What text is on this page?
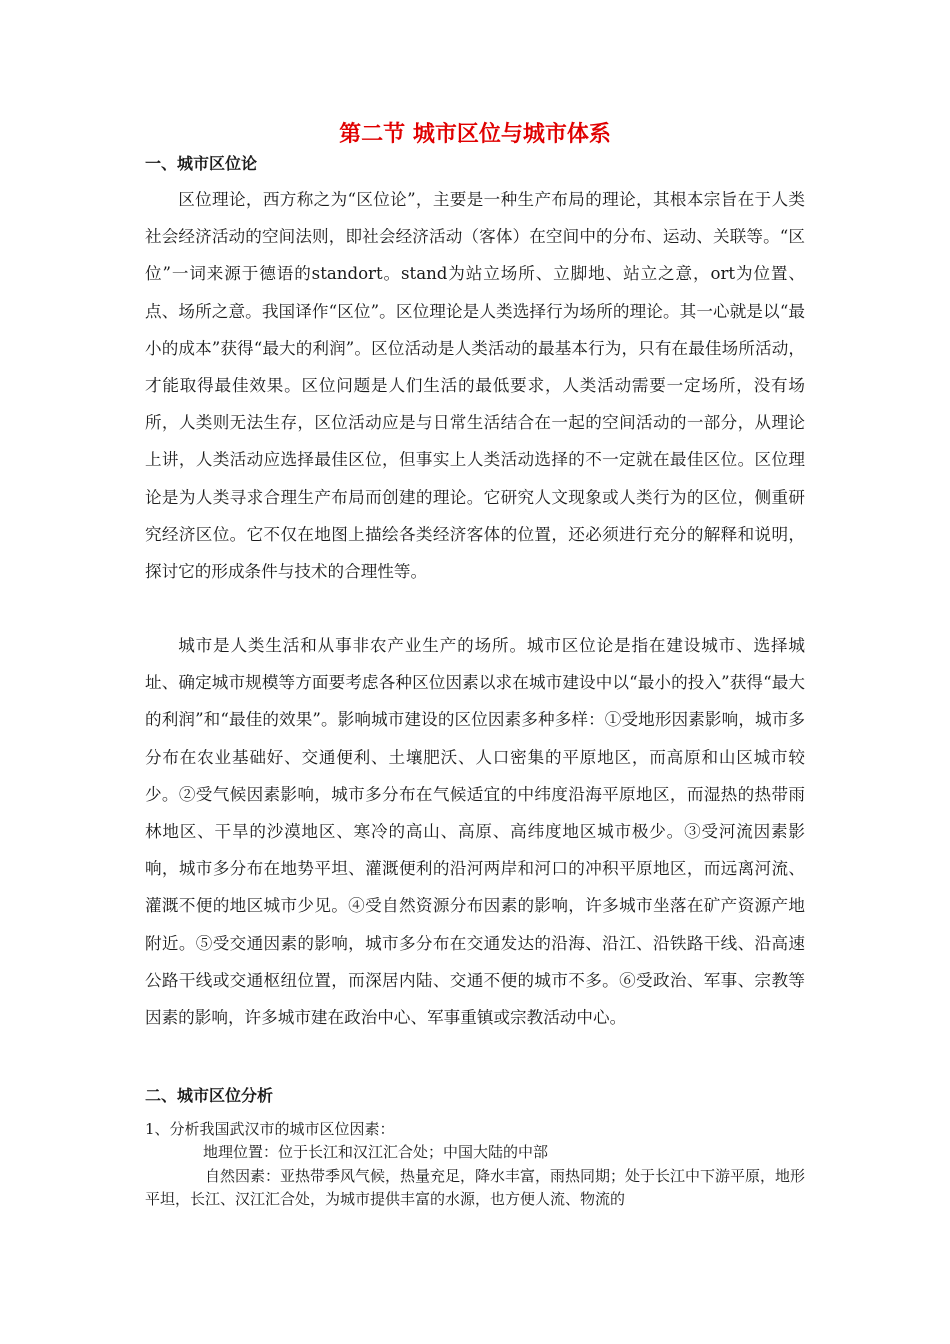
第二节 城市区位与城市体系
一、城市区位论

区位理论，西方称之为“区位论”，主要是一种生产布局的理论，其根本宗旨在于人类社会经济活动的空间法则，即社会经济活动（客体）在空间中的分布、运动、关联等。“区位”一词来源于德语的standort。stand为站立场所、立脚地、站立之意，ort为位置、点、场所之意。我国译作“区位”。区位理论是人类选择行为场所的理论。其一心就是以“最小的成本”获得“最大的利润”。区位活动是人类活动的最基本行为，只有在最佳场所活动，才能取得最佳效果。区位问题是人们生活的最低要求，人类活动需要一定场所，没有场所，人类则无法生存，区位活动应是与日常生活结合在一起的空间活动的一部分，从理论上讲，人类活动应选择最佳区位，但事实上人类活动选择的不一定就在最佳区位。区位理论是为人类寻求合理生产布局而创建的理论。它研究人文现象或人类行为的区位，侧重研究经济区位。它不仅在地图上描绘各类经济客体的位置，还必须进行充分的解释和说明，探讨它的形成条件与技术的合理性等。

城市是人类生活和从事非农产业生产的场所。城市区位论是指在建设城市、选择城址、确定城市规模等方面要考虑各种区位因素以求在城市建设中以“最小的投入”获得“最大的利润”和“最佳的效果”。影响城市建设的区位因素多种多样：①受地形因素影响，城市多分布在农业基础好、交通便利、土壤肥沃、人口密集的平原地区，而高原和山区城市较少。②受气候因素影响，城市多分布在气候适宜的中纬度沿海平原地区，而湿热的热带雨林地区、干旱的沙漠地区、寒冷的高山、高原、高纬度地区城市极少。③受河流因素影响，城市多分布在地势平坦、灌溉便利的沿河两岸和河口的冲积平原地区，而远离河流、灌溉不便的地区城市少见。④受自然资源分布因素的影响，许多城市坐落在矿产资源产地附近。⑤受交通因素的影响，城市多分布在交通发达的沿海、沿江、沿铁路干线、沿高速公路干线或交通枢纽位置，而深居内陆、交通不便的城市不多。⑥受政治、军事、宗教等因素的影响，许多城市建在政治中心、军事重镇或宗教活动中心。

二、城市区位分析
1、分析我国武汉市的城市区位因素：
地理位置：位于长江和汉江汇合处；中国大陆的中部

自然因素：亚热带季风气候，热量充足，降水丰富，雨热同期；处于长江中下游平原，地形平坦，长江、汉江汇合处，为城市提供丰富的水源，也方便人流、物流的
